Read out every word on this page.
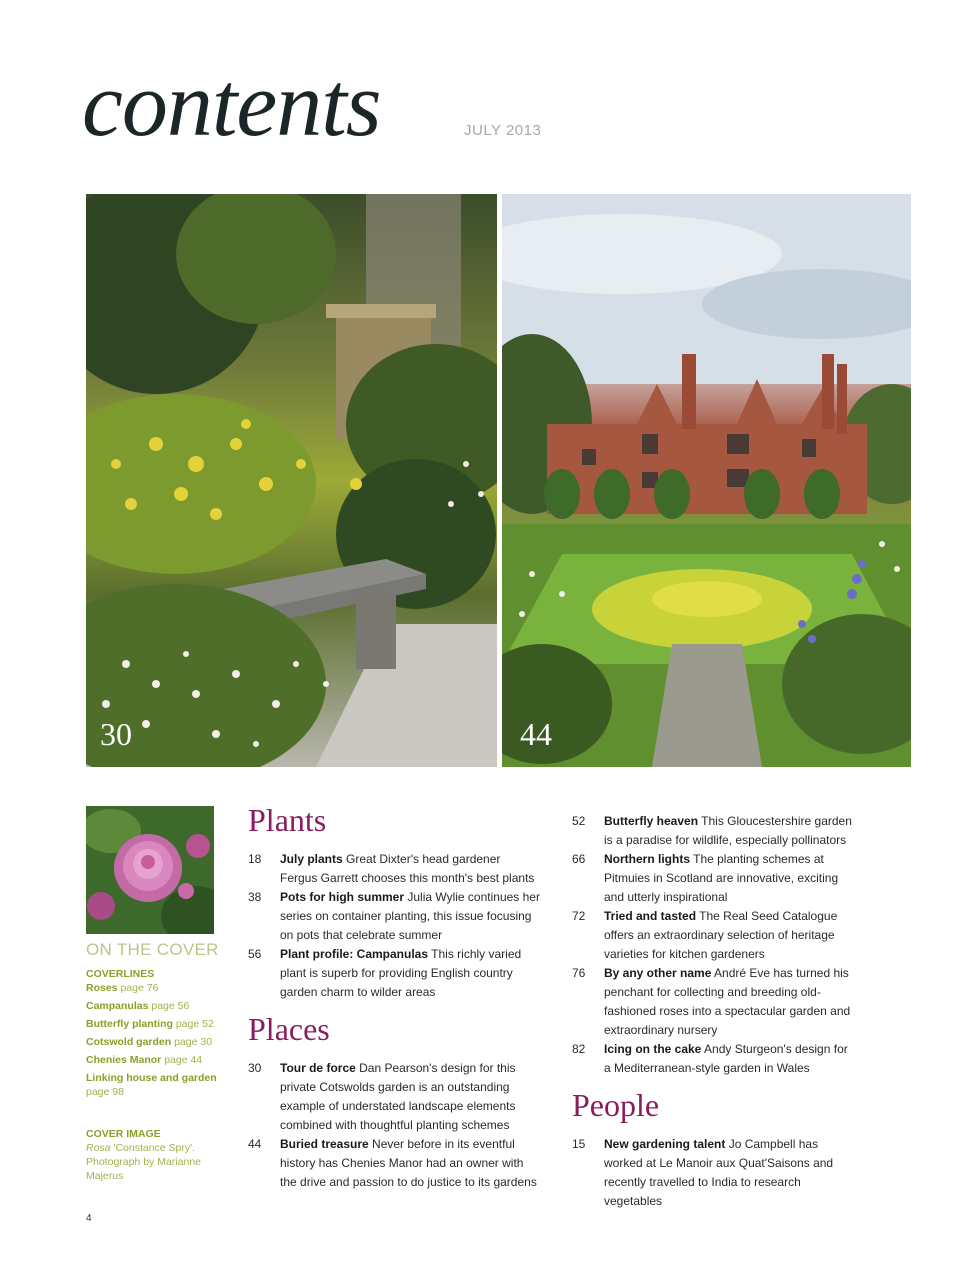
contents	JULY 2013
30	44
ON THE COVER
COVERLINES
Roses page 76
Campanulas page 56
Butterfly planting page 52
Cotswold garden page 30
Chenies Manor page 44
Linking house and garden
page 98
COVER IMAGE
Rosa 'Constance Spry'. Photograph by Marianne Majerus
Plants
18	July plants Great Dixter's head gardener Fergus Garrett chooses this month's best plants
38	Pots for high summer Julia Wylie continues her series on container planting, this issue focusing on pots that celebrate summer
56	Plant profile: Campanulas This richly varied plant is superb for providing English country garden charm to wilder areas
Places
30	Tour de force Dan Pearson's design for this private Cotswolds garden is an outstanding example of understated landscape elements combined with thoughtful planting schemes
44	Buried treasure Never before in its eventful history has Chenies Manor had an owner with the drive and passion to do justice to its gardens
52	Butterfly heaven This Gloucestershire garden is a paradise for wildlife, especially pollinators
66	Northern lights The planting schemes at Pitmuies in Scotland are innovative, exciting and utterly inspirational
72	Tried and tasted The Real Seed Catalogue offers an extraordinary selection of heritage varieties for kitchen gardeners
76	By any other name André Eve has turned his penchant for collecting and breeding old-fashioned roses into a spectacular garden and extraordinary nursery
82	Icing on the cake Andy Sturgeon's design for a Mediterranean-style garden in Wales
People
15	New gardening talent Jo Campbell has worked at Le Manoir aux Quat'Saisons and recently travelled to India to research vegetables
4
